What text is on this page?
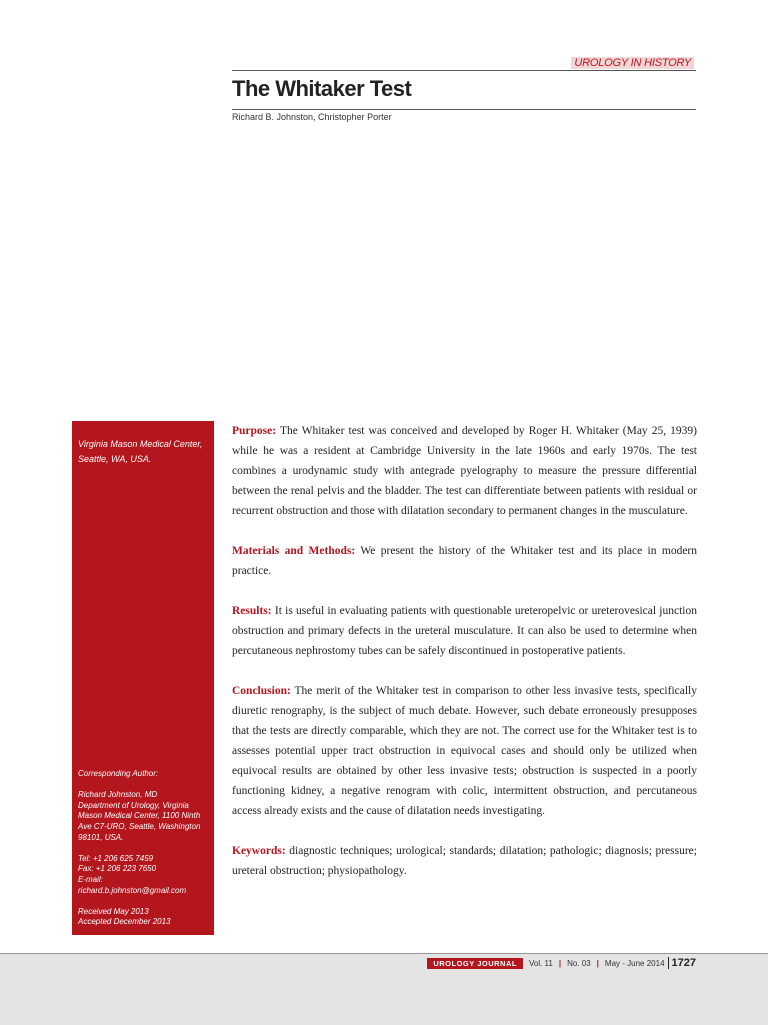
UROLOGY IN HISTORY
The Whitaker Test
Richard B. Johnston, Christopher Porter
Virginia Mason Medical Center, Seattle, WA, USA.
Corresponding Author:
Richard Johnston, MD
Department of Urology, Virginia Mason Medical Center, 1100 Ninth Ave C7-URO, Seattle, Washington 98101, USA.
Tel: +1 206 625 7459
Fax: +1 206 223 7650
E-mail: richard.b.johnston@gmail.com
Received May 2013
Accepted December 2013

Purpose: The Whitaker test was conceived and developed by Roger H. Whitaker (May 25, 1939) while he was a resident at Cambridge University in the late 1960s and early 1970s. The test combines a urodynamic study with antegrade pyelography to measure the pressure differential between the renal pelvis and the bladder. The test can differentiate between patients with residual or recurrent obstruction and those with dilatation secondary to permanent changes in the musculature.

Materials and Methods: We present the history of the Whitaker test and its place in modern practice.

Results: It is useful in evaluating patients with questionable ureteropelvic or ureterovesical junction obstruction and primary defects in the ureteral musculature. It can also be used to determine when percutaneous nephrostomy tubes can be safely discontinued in postoperative patients.

Conclusion: The merit of the Whitaker test in comparison to other less invasive tests, specifically diuretic renography, is the subject of much debate. However, such debate erroneously presupposes that the tests are directly comparable, which they are not. The correct use for the Whitaker test is to assesses potential upper tract obstruction in equivocal cases and should only be utilized when equivocal results are obtained by other less invasive tests; obstruction is suspected in a poorly functioning kidney, a negative renogram with colic, intermittent obstruction, and percutaneous access already exists and the cause of dilatation needs investigating.

Keywords: diagnostic techniques; urological; standards; dilatation; pathologic; diagnosis; pressure; ureteral obstruction; physiopathology.

UROLOGY JOURNAL	Vol. 11 | No. 03 | May - June 2014 1727
